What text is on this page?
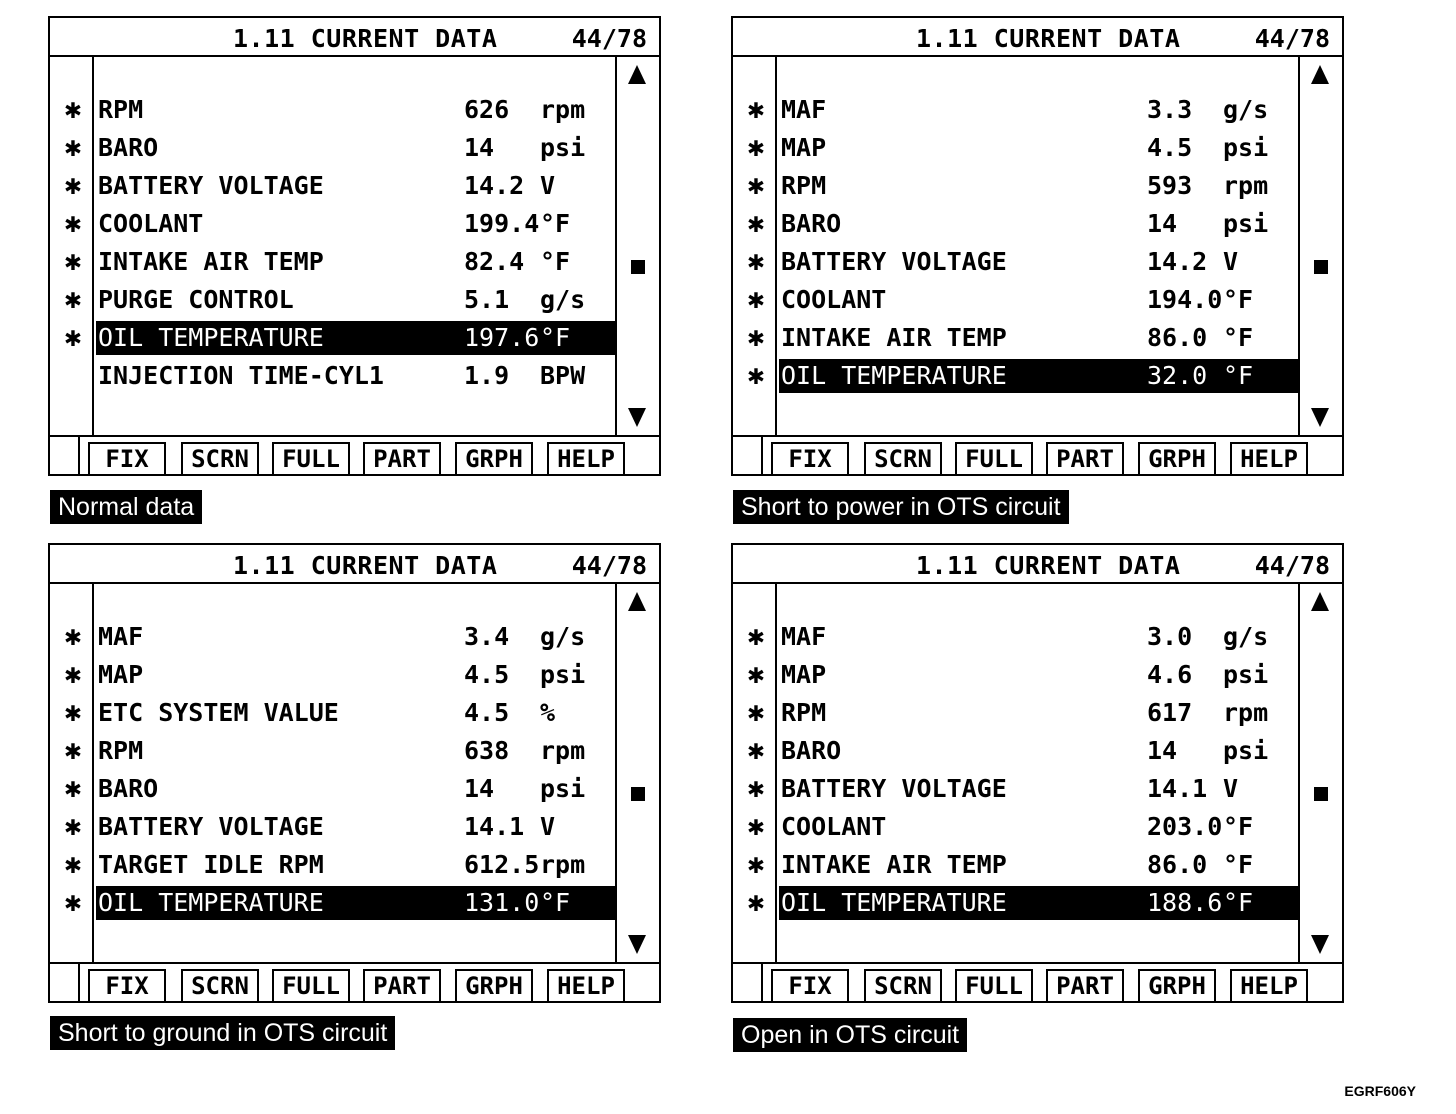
1.11 CURRENT DATA	44/78
✱ RPM	626 rpm
✱ BARO	14 psi
✱ BATTERY VOLTAGE	14.2 V
✱ COOLANT	199.4 °F
✱ INTAKE AIR TEMP	82.4 °F
✱ PURGE CONTROL	5.1 g/s
✱ OIL TEMPERATURE	197.6 °F
INJECTION TIME-CYL1	1.9 BPW
FIX	SCRN	FULL	PART	GRPH	HELP
Normal data
1.11 CURRENT DATA	44/78
✱ MAF	3.3 g/s
✱ MAP	4.5 psi
✱ RPM	593 rpm
✱ BARO	14 psi
✱ BATTERY VOLTAGE	14.2 V
✱ COOLANT	194.0 °F
✱ INTAKE AIR TEMP	86.0 °F
✱ OIL TEMPERATURE	32.0 °F
FIX	SCRN	FULL	PART	GRPH	HELP
Short to power in OTS circuit
1.11 CURRENT DATA	44/78
✱ MAF	3.4 g/s
✱ MAP	4.5 psi
✱ ETC SYSTEM VALUE	4.5 %
✱ RPM	638 rpm
✱ BARO	14 psi
✱ BATTERY VOLTAGE	14.1 V
✱ TARGET IDLE RPM	612.5 rpm
✱ OIL TEMPERATURE	131.0 °F
FIX	SCRN	FULL	PART	GRPH	HELP
Short to ground in OTS circuit
1.11 CURRENT DATA	44/78
✱ MAF	3.0 g/s
✱ MAP	4.6 psi
✱ RPM	617 rpm
✱ BARO	14 psi
✱ BATTERY VOLTAGE	14.1 V
✱ COOLANT	203.0 °F
✱ INTAKE AIR TEMP	86.0 °F
✱ OIL TEMPERATURE	188.6 °F
FIX	SCRN	FULL	PART	GRPH	HELP
Open in OTS circuit
EGRF606Y
